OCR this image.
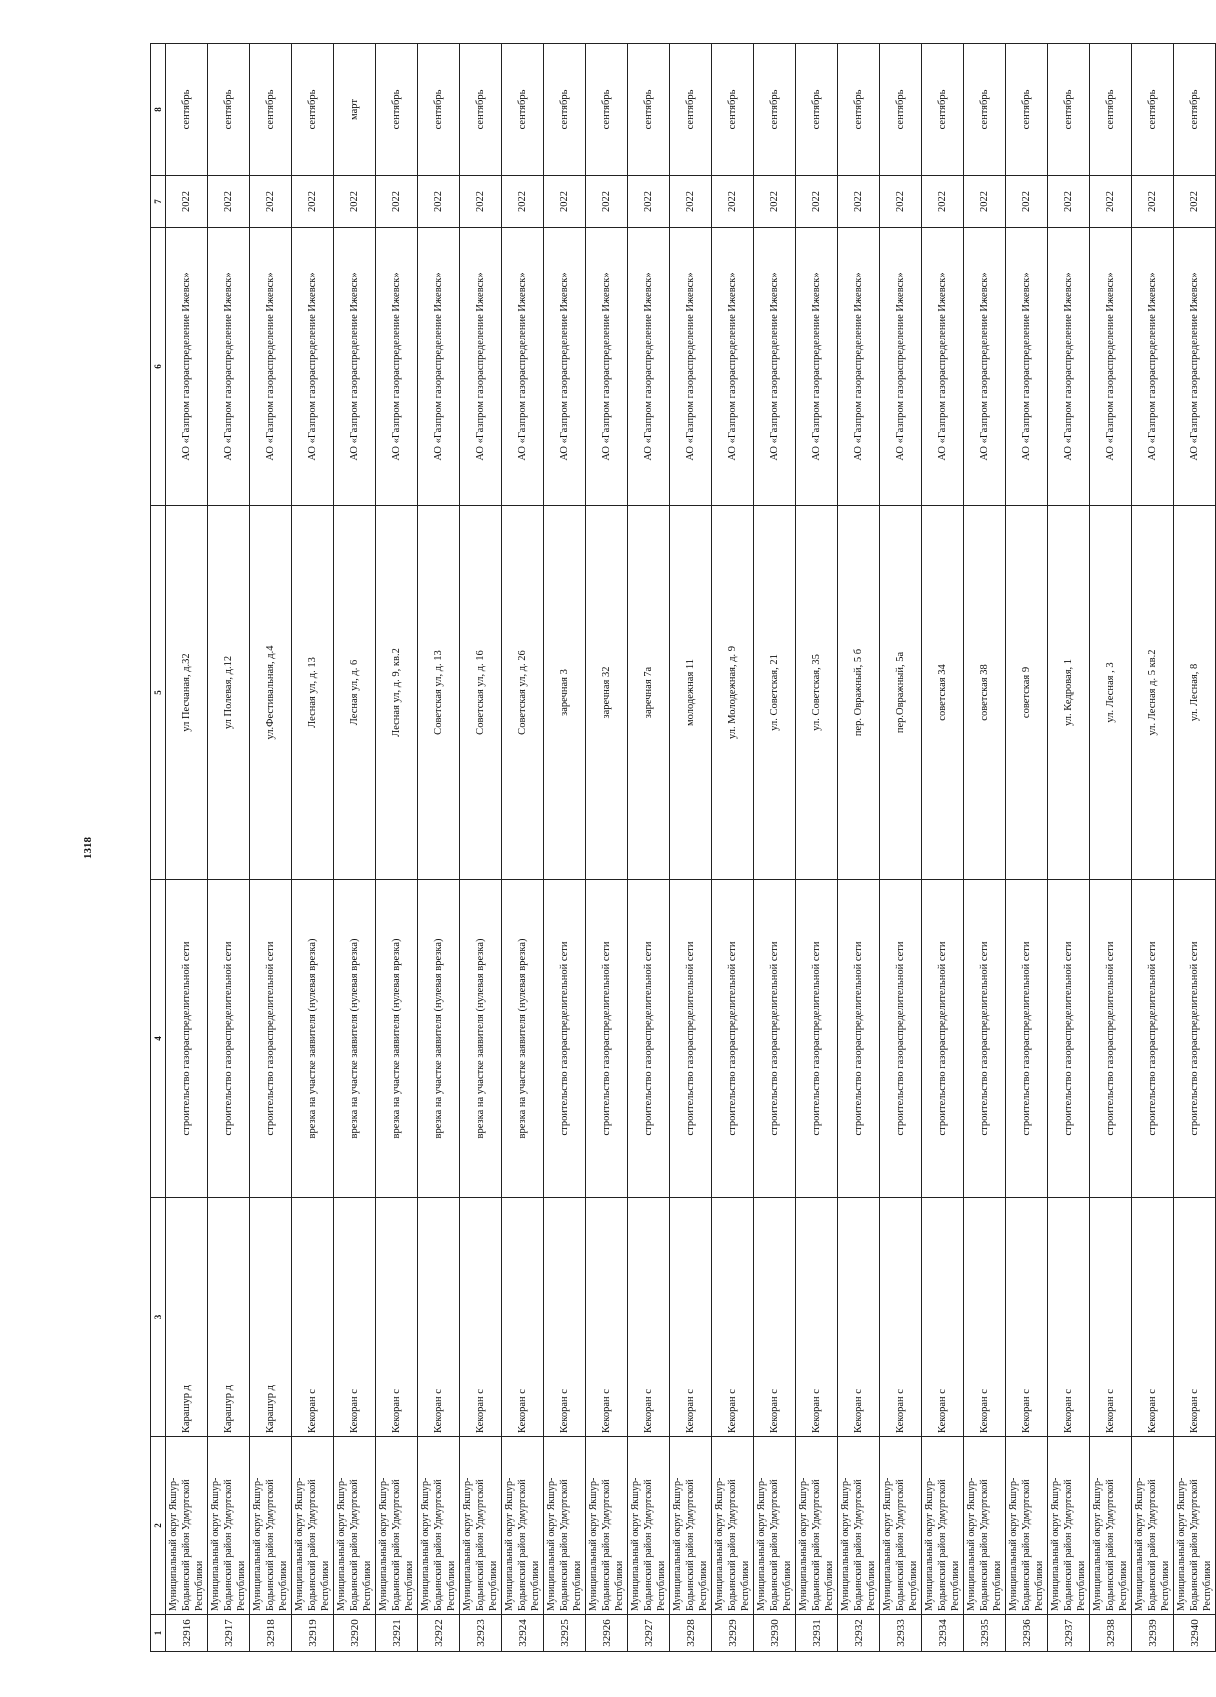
1318
1	2	3	4	5	6	7	8
32916	Муниципальный округ Якшур-Бодьинский район Удмуртской Республики	Карашур д	строительство газораспределительной сети	ул Песчаная, д.32	АО «Газпром газораспределение Ижевск»	2022	сентябрь
32917	Муниципальный округ Якшур-Бодьинский район Удмуртской Республики	Карашур д	строительство газораспределительной сети	ул Полевая, д.12	АО «Газпром газораспределение Ижевск»	2022	сентябрь
32918	Муниципальный округ Якшур-Бодьинский район Удмуртской Республики	Карашур д	строительство газораспределительной сети	ул.Фестивальная, д.4	АО «Газпром газораспределение Ижевск»	2022	сентябрь
32919	Муниципальный округ Якшур-Бодьинский район Удмуртской Республики	Кекоран с	врезка на участке заявителя (нулевая врезка)	Лесная ул, д. 13	АО «Газпром газораспределение Ижевск»	2022	сентябрь
32920	Муниципальный округ Якшур-Бодьинский район Удмуртской Республики	Кекоран с	врезка на участке заявителя (нулевая врезка)	Лесная ул, д. 6	АО «Газпром газораспределение Ижевск»	2022	март
32921	Муниципальный округ Якшур-Бодьинский район Удмуртской Республики	Кекоран с	врезка на участке заявителя (нулевая врезка)	Лесная ул, д. 9, кв.2	АО «Газпром газораспределение Ижевск»	2022	сентябрь
32922	Муниципальный округ Якшур-Бодьинский район Удмуртской Республики	Кекоран с	врезка на участке заявителя (нулевая врезка)	Советская ул, д. 13	АО «Газпром газораспределение Ижевск»	2022	сентябрь
32923	Муниципальный округ Якшур-Бодьинский район Удмуртской Республики	Кекоран с	врезка на участке заявителя (нулевая врезка)	Советская ул, д. 16	АО «Газпром газораспределение Ижевск»	2022	сентябрь
32924	Муниципальный округ Якшур-Бодьинский район Удмуртской Республики	Кекоран с	врезка на участке заявителя (нулевая врезка)	Советская ул, д. 26	АО «Газпром газораспределение Ижевск»	2022	сентябрь
32925	Муниципальный округ Якшур-Бодьинский район Удмуртской Республики	Кекоран с	строительство газораспределительной сети	заречная 3	АО «Газпром газораспределение Ижевск»	2022	сентябрь
32926	Муниципальный округ Якшур-Бодьинский район Удмуртской Республики	Кекоран с	строительство газораспределительной сети	заречная 32	АО «Газпром газораспределение Ижевск»	2022	сентябрь
32927	Муниципальный округ Якшур-Бодьинский район Удмуртской Республики	Кекоран с	строительство газораспределительной сети	заречная 7а	АО «Газпром газораспределение Ижевск»	2022	сентябрь
32928	Муниципальный округ Якшур-Бодьинский район Удмуртской Республики	Кекоран с	строительство газораспределительной сети	молодежная 11	АО «Газпром газораспределение Ижевск»	2022	сентябрь
32929	Муниципальный округ Якшур-Бодьинский район Удмуртской Республики	Кекоран с	строительство газораспределительной сети	ул. Молодежная, д. 9	АО «Газпром газораспределение Ижевск»	2022	сентябрь
32930	Муниципальный округ Якшур-Бодьинский район Удмуртской Республики	Кекоран с	строительство газораспределительной сети	ул. Советская, 21	АО «Газпром газораспределение Ижевск»	2022	сентябрь
32931	Муниципальный округ Якшур-Бодьинский район Удмуртской Республики	Кекоран с	строительство газораспределительной сети	ул. Советская, 35	АО «Газпром газораспределение Ижевск»	2022	сентябрь
32932	Муниципальный округ Якшур-Бодьинский район Удмуртской Республики	Кекоран с	строительство газораспределительной сети	пер. Овражный, 5 б	АО «Газпром газораспределение Ижевск»	2022	сентябрь
32933	Муниципальный округ Якшур-Бодьинский район Удмуртской Республики	Кекоран с	строительство газораспределительной сети	пер.Овражный, 5а	АО «Газпром газораспределение Ижевск»	2022	сентябрь
32934	Муниципальный округ Якшур-Бодьинский район Удмуртской Республики	Кекоран с	строительство газораспределительной сети	советская 34	АО «Газпром газораспределение Ижевск»	2022	сентябрь
32935	Муниципальный округ Якшур-Бодьинский район Удмуртской Республики	Кекоран с	строительство газораспределительной сети	советская 38	АО «Газпром газораспределение Ижевск»	2022	сентябрь
32936	Муниципальный округ Якшур-Бодьинский район Удмуртской Республики	Кекоран с	строительство газораспределительной сети	советская 9	АО «Газпром газораспределение Ижевск»	2022	сентябрь
32937	Муниципальный округ Якшур-Бодьинский район Удмуртской Республики	Кекоран с	строительство газораспределительной сети	ул. Кедровая, 1	АО «Газпром газораспределение Ижевск»	2022	сентябрь
32938	Муниципальный округ Якшур-Бодьинский район Удмуртской Республики	Кекоран с	строительство газораспределительной сети	ул. Лесная , 3	АО «Газпром газораспределение Ижевск»	2022	сентябрь
32939	Муниципальный округ Якшур-Бодьинский район Удмуртской Республики	Кекоран с	строительство газораспределительной сети	ул. Лесная д. 5 кв.2	АО «Газпром газораспределение Ижевск»	2022	сентябрь
32940	Муниципальный округ Якшур-Бодьинский район Удмуртской Республики	Кекоран с	строительство газораспределительной сети	ул. Лесная, 8	АО «Газпром газораспределение Ижевск»	2022	сентябрь
